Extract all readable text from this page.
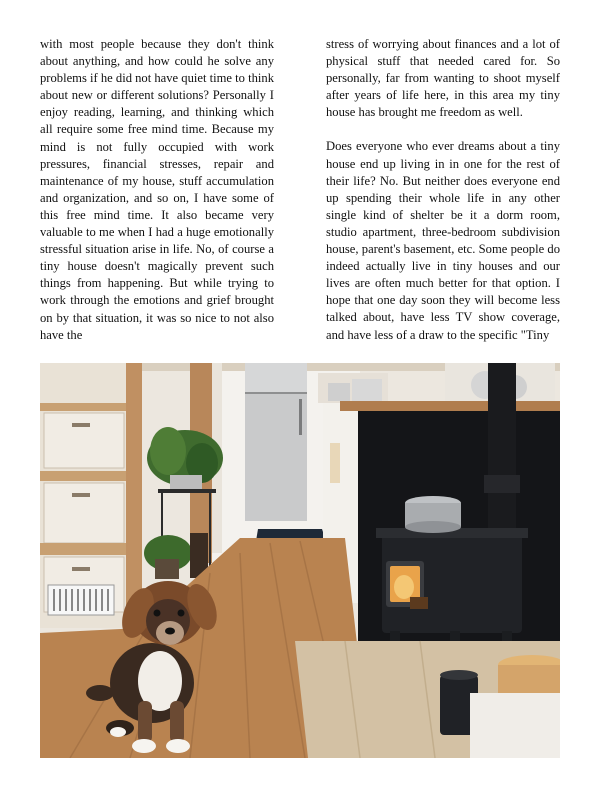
with most people because they don't think about anything, and how could he solve any problems if he did not have quiet time to think about new or different solutions? Personally I enjoy reading, learning, and thinking which all require some free mind time. Because my mind is not fully occupied with work pressures, financial stresses, repair and maintenance of my house, stuff accumulation and organization, and so on, I have some of this free mind time. It also became very valuable to me when I had a huge emotionally stressful situation arise in life. No, of course a tiny house doesn't magically prevent such things from happening. But while trying to work through the emotions and grief brought on by that situation, it was so nice to not also have the

stress of worrying about finances and a lot of physical stuff that needed cared for. So personally, far from wanting to shoot myself after years of life here, in this area my tiny house has brought me freedom as well.

Does everyone who ever dreams about a tiny house end up living in in one for the rest of their life? No. But neither does everyone end up spending their whole life in any other single kind of shelter be it a dorm room, studio apartment, three-bedroom subdivision house, parent's basement, etc. Some people do indeed actually live in tiny houses and our lives are often much better for that option. I hope that one day soon they will become less talked about, have less TV show coverage, and have less of a draw to the specific "Tiny
